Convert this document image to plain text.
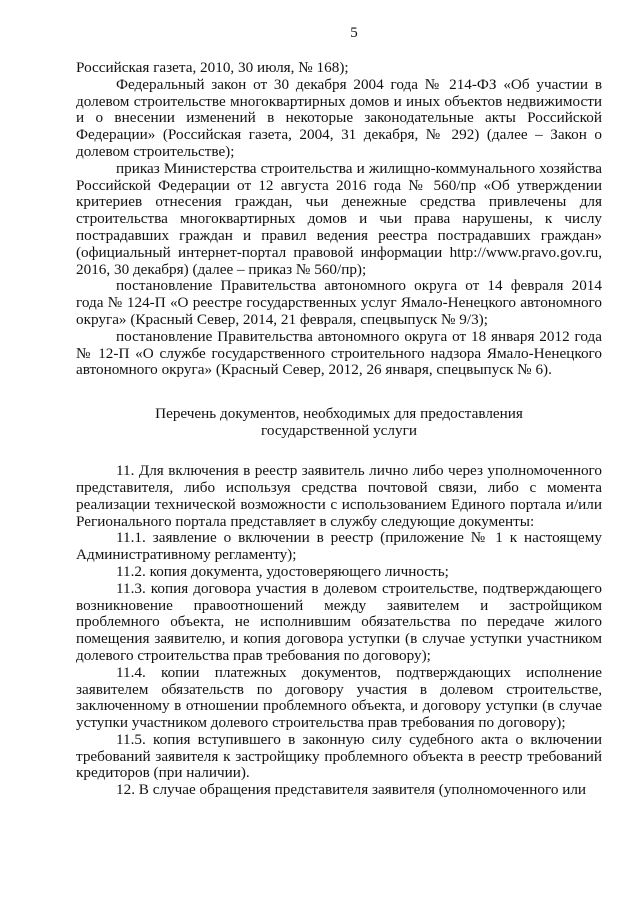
5

Российская газета, 2010, 30 июля, № 168);

Федеральный закон от 30 декабря 2004 года № 214-ФЗ «Об участии в долевом строительстве многоквартирных домов и иных объектов недвижимости и о внесении изменений в некоторые законодательные акты Российской Федерации» (Российская газета, 2004, 31 декабря, № 292) (далее – Закон о долевом строительстве);

приказ Министерства строительства и жилищно-коммунального хозяйства Российской Федерации от 12 августа 2016 года № 560/пр «Об утверждении критериев отнесения граждан, чьи денежные средства привлечены для строительства многоквартирных домов и чьи права нарушены, к числу пострадавших граждан и правил ведения реестра пострадавших граждан» (официальный интернет-портал правовой информации http://www.pravo.gov.ru, 2016, 30 декабря) (далее – приказ № 560/пр);

постановление Правительства автономного округа от 14 февраля 2014 года № 124-П «О реестре государственных услуг Ямало-Ненецкого автономного округа» (Красный Север, 2014, 21 февраля, спецвыпуск № 9/3);

постановление Правительства автономного округа от 18 января 2012 года № 12-П «О службе государственного строительного надзора Ямало-Ненецкого автономного округа» (Красный Север, 2012, 26 января, спецвыпуск № 6).

Перечень документов, необходимых для предоставления
государственной услуги

11. Для включения в реестр заявитель лично либо через уполномоченного представителя, либо используя средства почтовой связи, либо с момента реализации технической возможности с использованием Единого портала и/или Регионального портала представляет в службу следующие документы:

11.1. заявление о включении в реестр (приложение № 1 к настоящему Административному регламенту);

11.2. копия документа, удостоверяющего личность;

11.3. копия договора участия в долевом строительстве, подтверждающего возникновение правоотношений между заявителем и застройщиком проблемного объекта, не исполнившим обязательства по передаче жилого помещения заявителю, и копия договора уступки (в случае уступки участником долевого строительства прав требования по договору);

11.4. копии платежных документов, подтверждающих исполнение заявителем обязательств по договору участия в долевом строительстве, заключенному в отношении проблемного объекта, и договору уступки (в случае уступки участником долевого строительства прав требования по договору);

11.5. копия вступившего в законную силу судебного акта о включении требований заявителя к застройщику проблемного объекта в реестр требований кредиторов (при наличии).

12. В случае обращения представителя заявителя (уполномоченного или
